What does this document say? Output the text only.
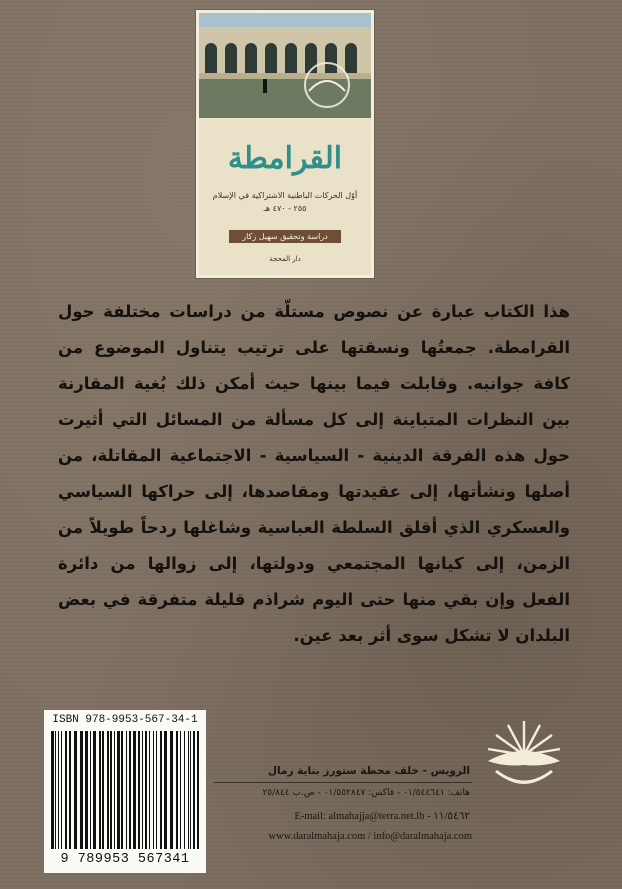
القرامطة
أوّل الحركات الباطنية الاشتراكية في الإسلام
٢٥٥ - ٤٧٠ هـ
دراسة وتحقيق سهيل زكار
دار المحجة
هذا الكتاب عبارة عن نصوص مستلّة من دراسات مختلفة حول القرامطة. جمعتُها ونسقتها على ترتيب يتناول الموضوع من كافة جوانبه. وقابلت فيما بينها حيث أمكن ذلك بُغية المقارنة بين النظرات المتباينة إلى كل مسألة من المسائل التي أثيرت حول هذه الفرقة الدينية - السياسية - الاجتماعية المقاتلة، من أصلها ونشأتها، إلى عقيدتها ومقاصدها، إلى حراكها السياسي والعسكري الذي أقلق السلطة العباسية وشاغلها ردحاً طويلاً من الزمن، إلى كيانها المجتمعي ودولتها، إلى زوالها من دائرة الفعل وإن بقي منها حتى اليوم شراذم قليلة متفرقة في بعض البلدان لا تشكل سوى أثر بعد عين.
ISBN 978-9953-567-34-1
9 789953 567341
الرويس - خلف محطة ستورز بناية رمال
هاتف: ٠١/٥٤٤٦٤١ - فاكس: ٠١/٥٥٢٨٤٧ - ص.ب ٢٥/٨٤٤
E-mail: almahajja@terra.net.lb - ١١/٥٤٦٢
www.daralmahaja.com / info@daralmahaja.com
